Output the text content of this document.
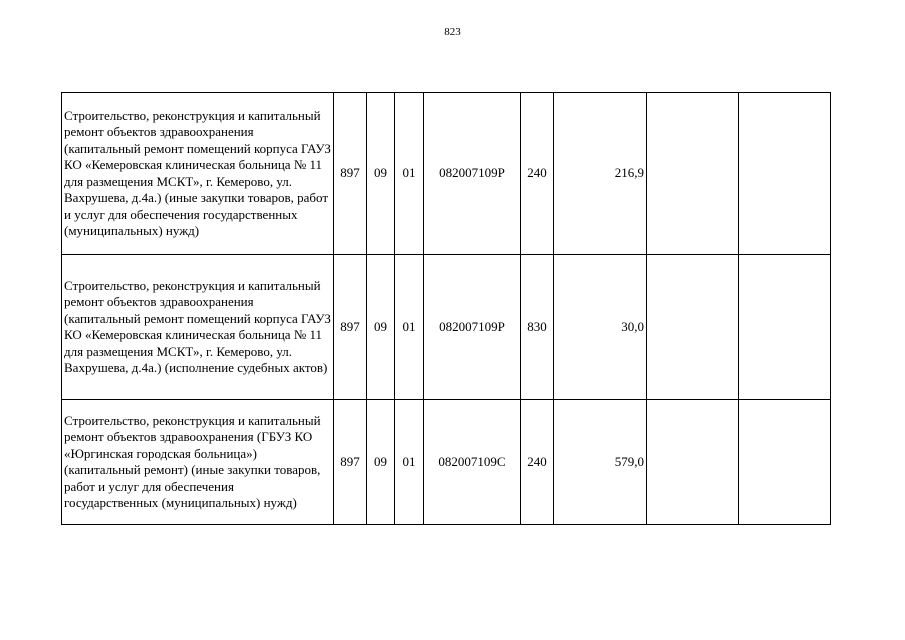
823
Строительство, реконструкция и капитальный ремонт объектов здравоохранения (капитальный ремонт помещений корпуса ГАУЗ КО «Кемеровская клиническая больница № 11 для размещения МСКТ», г. Кемерово, ул. Вахрушева, д.4а.) (иные закупки товаров, работ и услуг для обеспечения государственных (муниципальных) нужд)	897	09	01	082007109Р	240	216,9		
Строительство, реконструкция и капитальный ремонт объектов здравоохранения (капитальный ремонт помещений корпуса ГАУЗ КО «Кемеровская клиническая больница № 11 для размещения МСКТ», г. Кемерово, ул. Вахрушева, д.4а.) (исполнение судебных актов)	897	09	01	082007109Р	830	30,0		
Строительство, реконструкция и капитальный ремонт объектов здравоохранения (ГБУЗ КО «Юргинская городская больница») (капитальный ремонт) (иные закупки товаров, работ и услуг для обеспечения государственных (муниципальных) нужд)	897	09	01	082007109С	240	579,0		
